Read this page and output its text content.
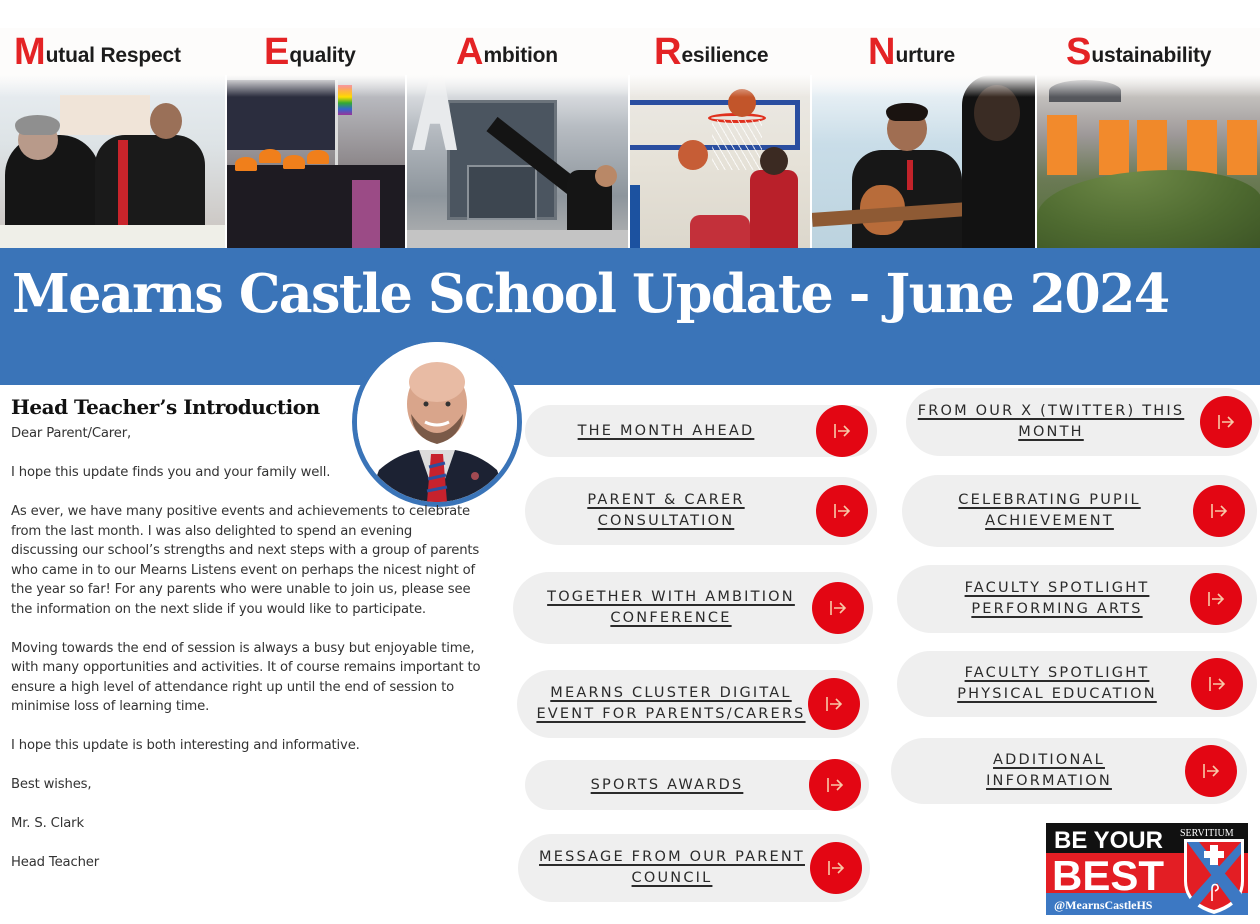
Mutual Respect Equality	Ambition	Resilience	Nurture	Sustainability
Mearns Castle School Update - June 2024
Head Teacher’s Introduction

Dear Parent/Carer,

I hope this update finds you and your family well.

As ever, we have many positive events and achievements to celebrate from the last month. I was also delighted to spend an evening discussing our school’s strengths and next steps with a group of parents who came in to our Mearns Listens event on perhaps the nicest night of the year so far! For any parents who were unable to join us, please see the information on the next slide if you would like to participate.

Moving towards the end of session is always a busy but enjoyable time, with many opportunities and activities. It of course remains important to ensure a high level of attendance right up until the end of session to minimise loss of learning time.

I hope this update is both interesting and informative.

Best wishes,

Mr. S. Clark

Head Teacher

THE MONTH AHEAD
PARENT & CARER CONSULTATION
TOGETHER WITH AMBITION CONFERENCE
MEARNS CLUSTER DIGITAL EVENT FOR PARENTS/CARERS
SPORTS AWARDS
MESSAGE FROM OUR PARENT COUNCIL
FROM OUR X (TWITTER) THIS MONTH
CELEBRATING PUPIL ACHIEVEMENT
FACULTY SPOTLIGHT PERFORMING ARTS
FACULTY SPOTLIGHT PHYSICAL EDUCATION
ADDITIONAL INFORMATION
BE YOUR
BEST
@MearnsCastleHS
SERVITIUM
